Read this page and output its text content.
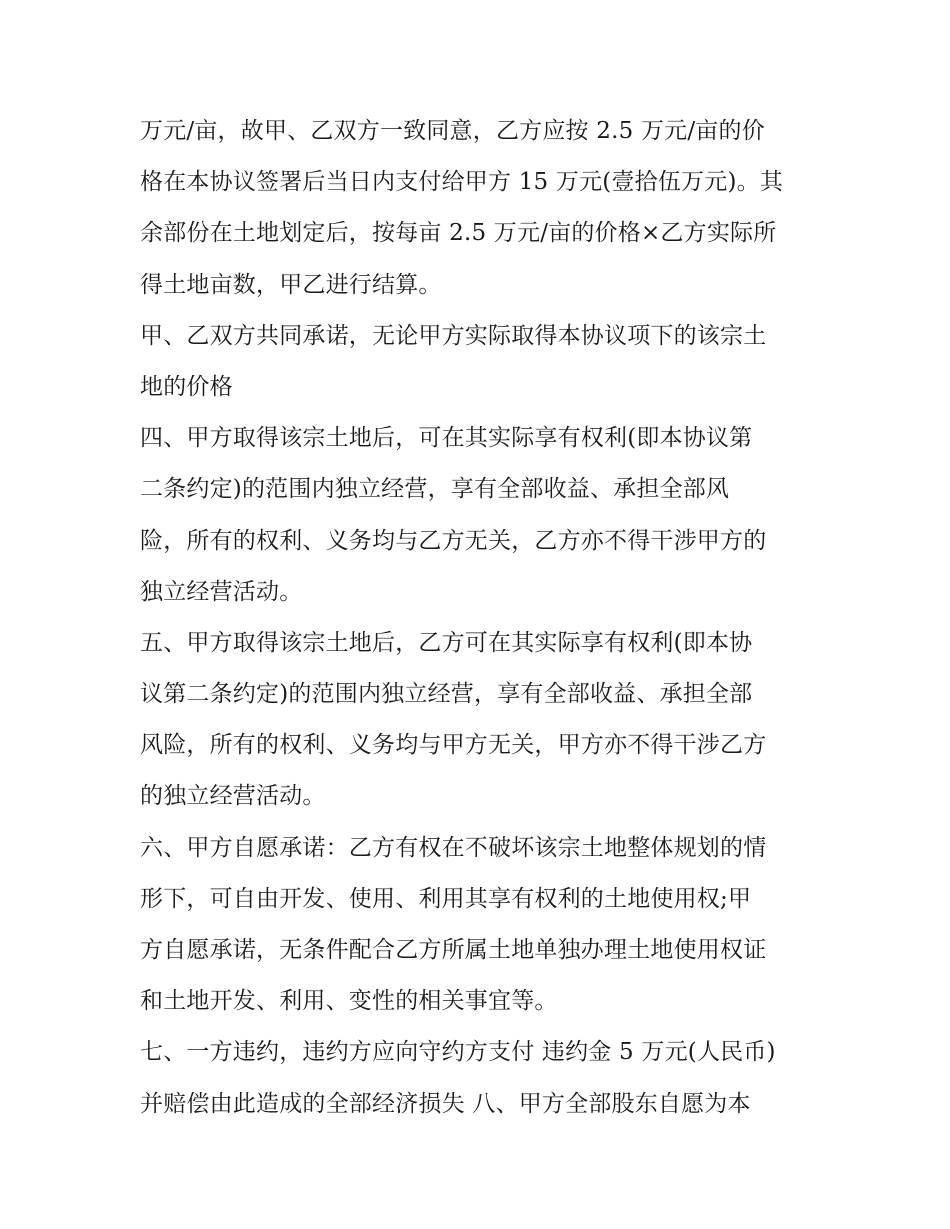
万元/亩，故甲、乙双方一致同意，乙方应按 2.5 万元/亩的价
格在本协议签署后当日内支付给甲方 15 万元(壹拾伍万元)。其
余部份在土地划定后，按每亩 2.5 万元/亩的价格×乙方实际所
得土地亩数，甲乙进行结算。
甲、乙双方共同承诺，无论甲方实际取得本协议项下的该宗土
地的价格
四、甲方取得该宗土地后，可在其实际享有权利(即本协议第
二条约定)的范围内独立经营，享有全部收益、承担全部风
险，所有的权利、义务均与乙方无关，乙方亦不得干涉甲方的
独立经营活动。
五、甲方取得该宗土地后，乙方可在其实际享有权利(即本协
议第二条约定)的范围内独立经营，享有全部收益、承担全部
风险，所有的权利、义务均与甲方无关，甲方亦不得干涉乙方
的独立经营活动。
六、甲方自愿承诺：乙方有权在不破坏该宗土地整体规划的情
形下，可自由开发、使用、利用其享有权利的土地使用权;甲
方自愿承诺，无条件配合乙方所属土地单独办理土地使用权证
和土地开发、利用、变性的相关事宜等。
七、一方违约，违约方应向守约方支付 违约金 5 万元(人民币)
并赔偿由此造成的全部经济损失 八、甲方全部股东自愿为本
